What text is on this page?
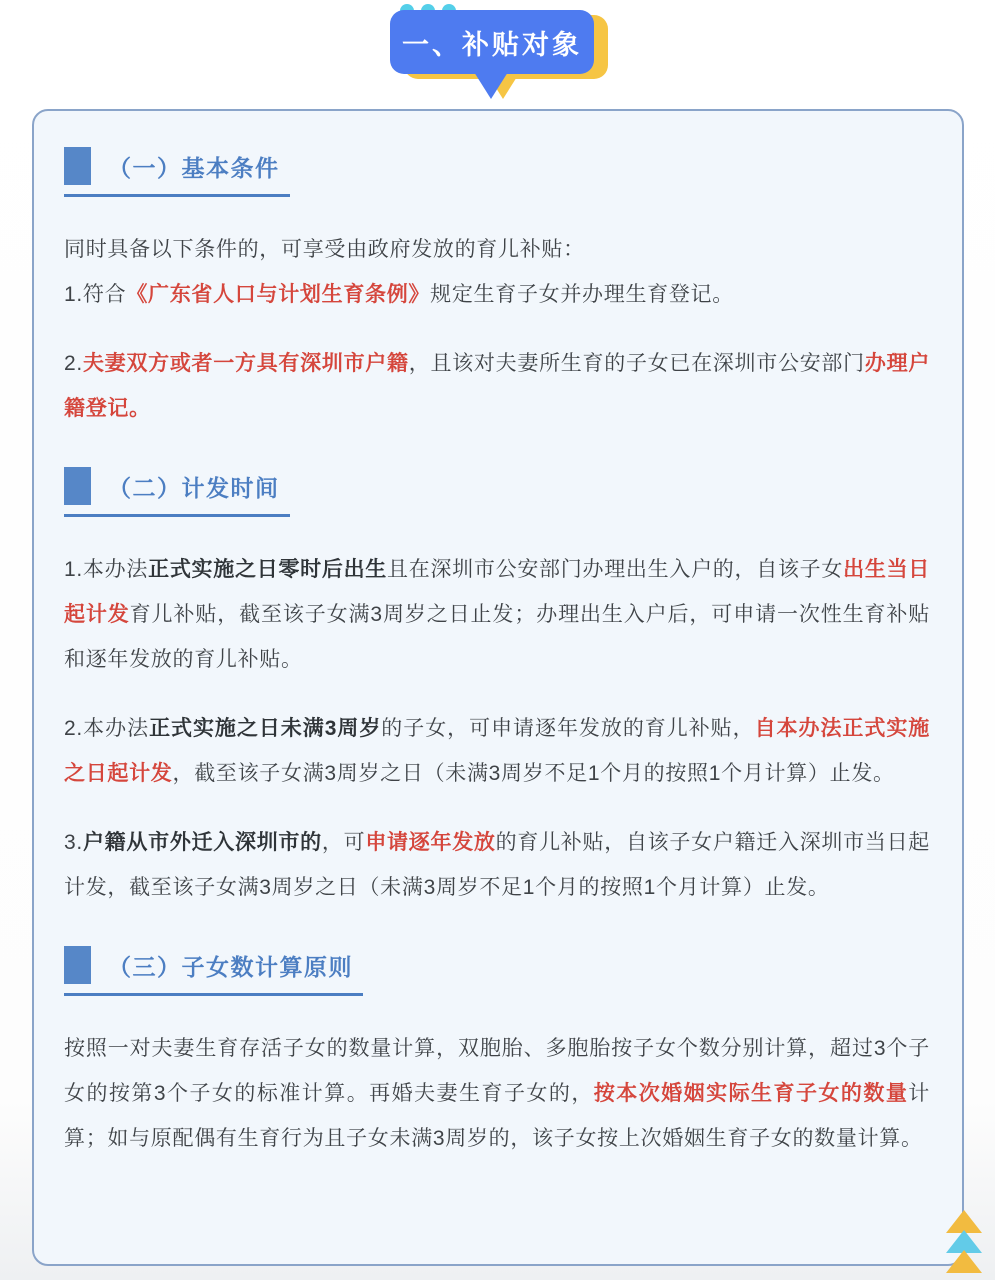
一、补贴对象
（一）基本条件

同时具备以下条件的，可享受由政府发放的育儿补贴：

1.符合《广东省人口与计划生育条例》规定生育子女并办理生育登记。

2.夫妻双方或者一方具有深圳市户籍，且该对夫妻所生育的子女已在深圳市公安部门办理户籍登记。

（二）计发时间

1.本办法正式实施之日零时后出生且在深圳市公安部门办理出生入户的，自该子女出生当日起计发育儿补贴，截至该子女满3周岁之日止发；办理出生入户后，可申请一次性生育补贴和逐年发放的育儿补贴。

2.本办法正式实施之日未满3周岁的子女，可申请逐年发放的育儿补贴，自本办法正式实施之日起计发，截至该子女满3周岁之日（未满3周岁不足1个月的按照1个月计算）止发。

3.户籍从市外迁入深圳市的，可申请逐年发放的育儿补贴，自该子女户籍迁入深圳市当日起计发，截至该子女满3周岁之日（未满3周岁不足1个月的按照1个月计算）止发。

（三）子女数计算原则

按照一对夫妻生育存活子女的数量计算，双胞胎、多胞胎按子女个数分别计算，超过3个子女的按第3个子女的标准计算。再婚夫妻生育子女的，按本次婚姻实际生育子女的数量计算；如与原配偶有生育行为且子女未满3周岁的，该子女按上次婚姻生育子女的数量计算。
